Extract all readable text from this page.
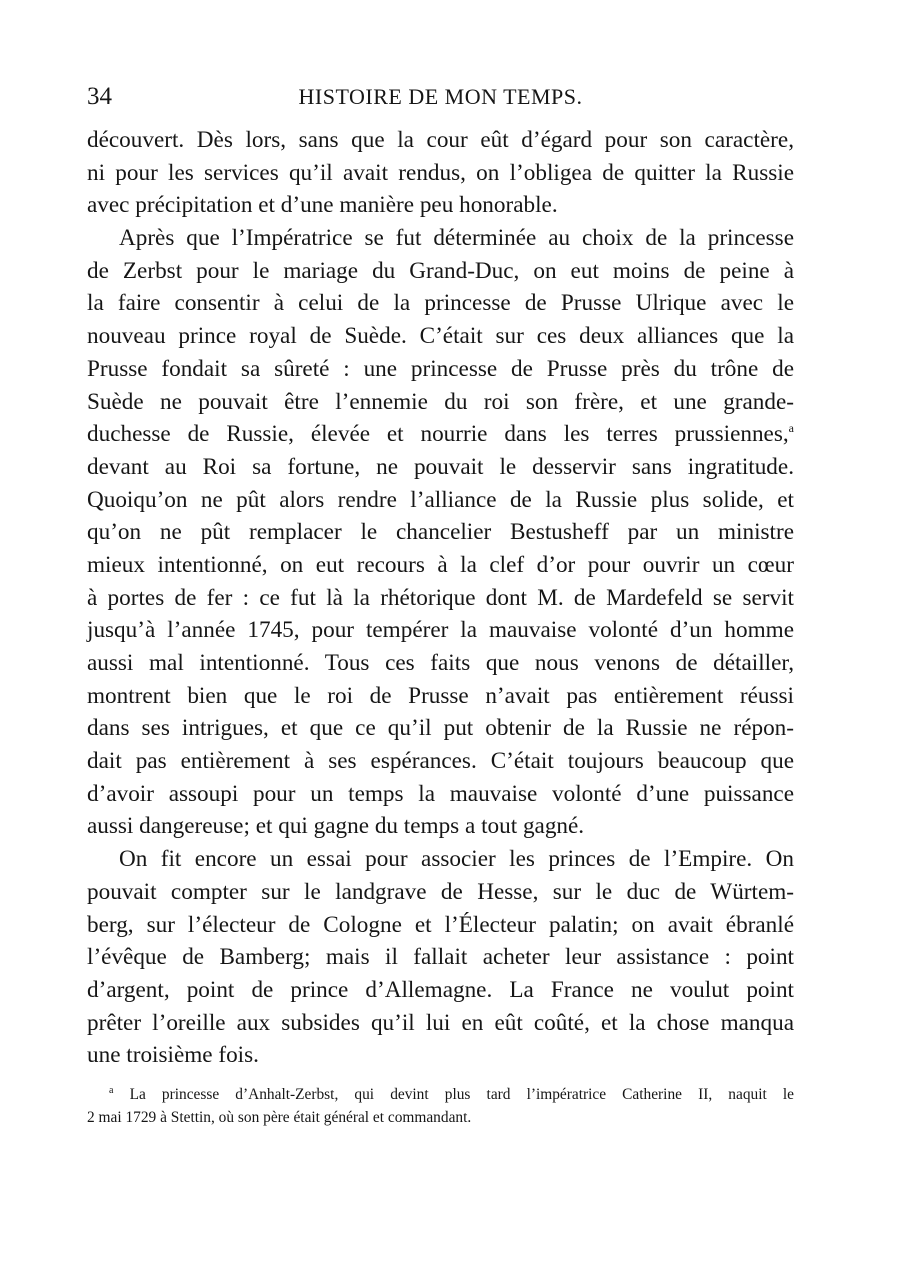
34	HISTOIRE DE MON TEMPS.
découvert. Dès lors, sans que la cour eût d’égard pour son caractère,
ni pour les services qu’il avait rendus, on l’obligea de quitter la Russie
avec précipitation et d’une manière peu honorable.
Après que l’Impératrice se fut déterminée au choix de la princesse
de Zerbst pour le mariage du Grand-Duc, on eut moins de peine à
la faire consentir à celui de la princesse de Prusse Ulrique avec le
nouveau prince royal de Suède. C’était sur ces deux alliances que la
Prusse fondait sa sûreté : une princesse de Prusse près du trône de
Suède ne pouvait être l’ennemie du roi son frère, et une grande-
duchesse de Russie, élevée et nourrie dans les terres prussiennes,$^a$
devant au Roi sa fortune, ne pouvait le desservir sans ingratitude.
Quoiqu’on ne pût alors rendre l’alliance de la Russie plus solide, et
qu’on ne pût remplacer le chancelier Bestusheff par un ministre
mieux intentionné, on eut recours à la clef d’or pour ouvrir un cœur
à portes de fer : ce fut là la rhétorique dont M. de Mardefeld se servit
jusqu’à l’année 1745, pour tempérer la mauvaise volonté d’un homme
aussi mal intentionné. Tous ces faits que nous venons de détailler,
montrent bien que le roi de Prusse n’avait pas entièrement réussi
dans ses intrigues, et que ce qu’il put obtenir de la Russie ne répon-
dait pas entièrement à ses espérances. C’était toujours beaucoup que
d’avoir assoupi pour un temps la mauvaise volonté d’une puissance
aussi dangereuse; et qui gagne du temps a tout gagné.
On fit encore un essai pour associer les princes de l’Empire. On
pouvait compter sur le landgrave de Hesse, sur le duc de Würtem-
berg, sur l’électeur de Cologne et l’Électeur palatin; on avait ébranlé
l’évêque de Bamberg; mais il fallait acheter leur assistance : point
d’argent, point de prince d’Allemagne. La France ne voulut point
prêter l’oreille aux subsides qu’il lui en eût coûté, et la chose manqua
une troisième fois.
$^a$ La princesse d’Anhalt-Zerbst, qui devint plus tard l’impératrice Catherine II, naquit le
2 mai 1729 à Stettin, où son père était général et commandant.
